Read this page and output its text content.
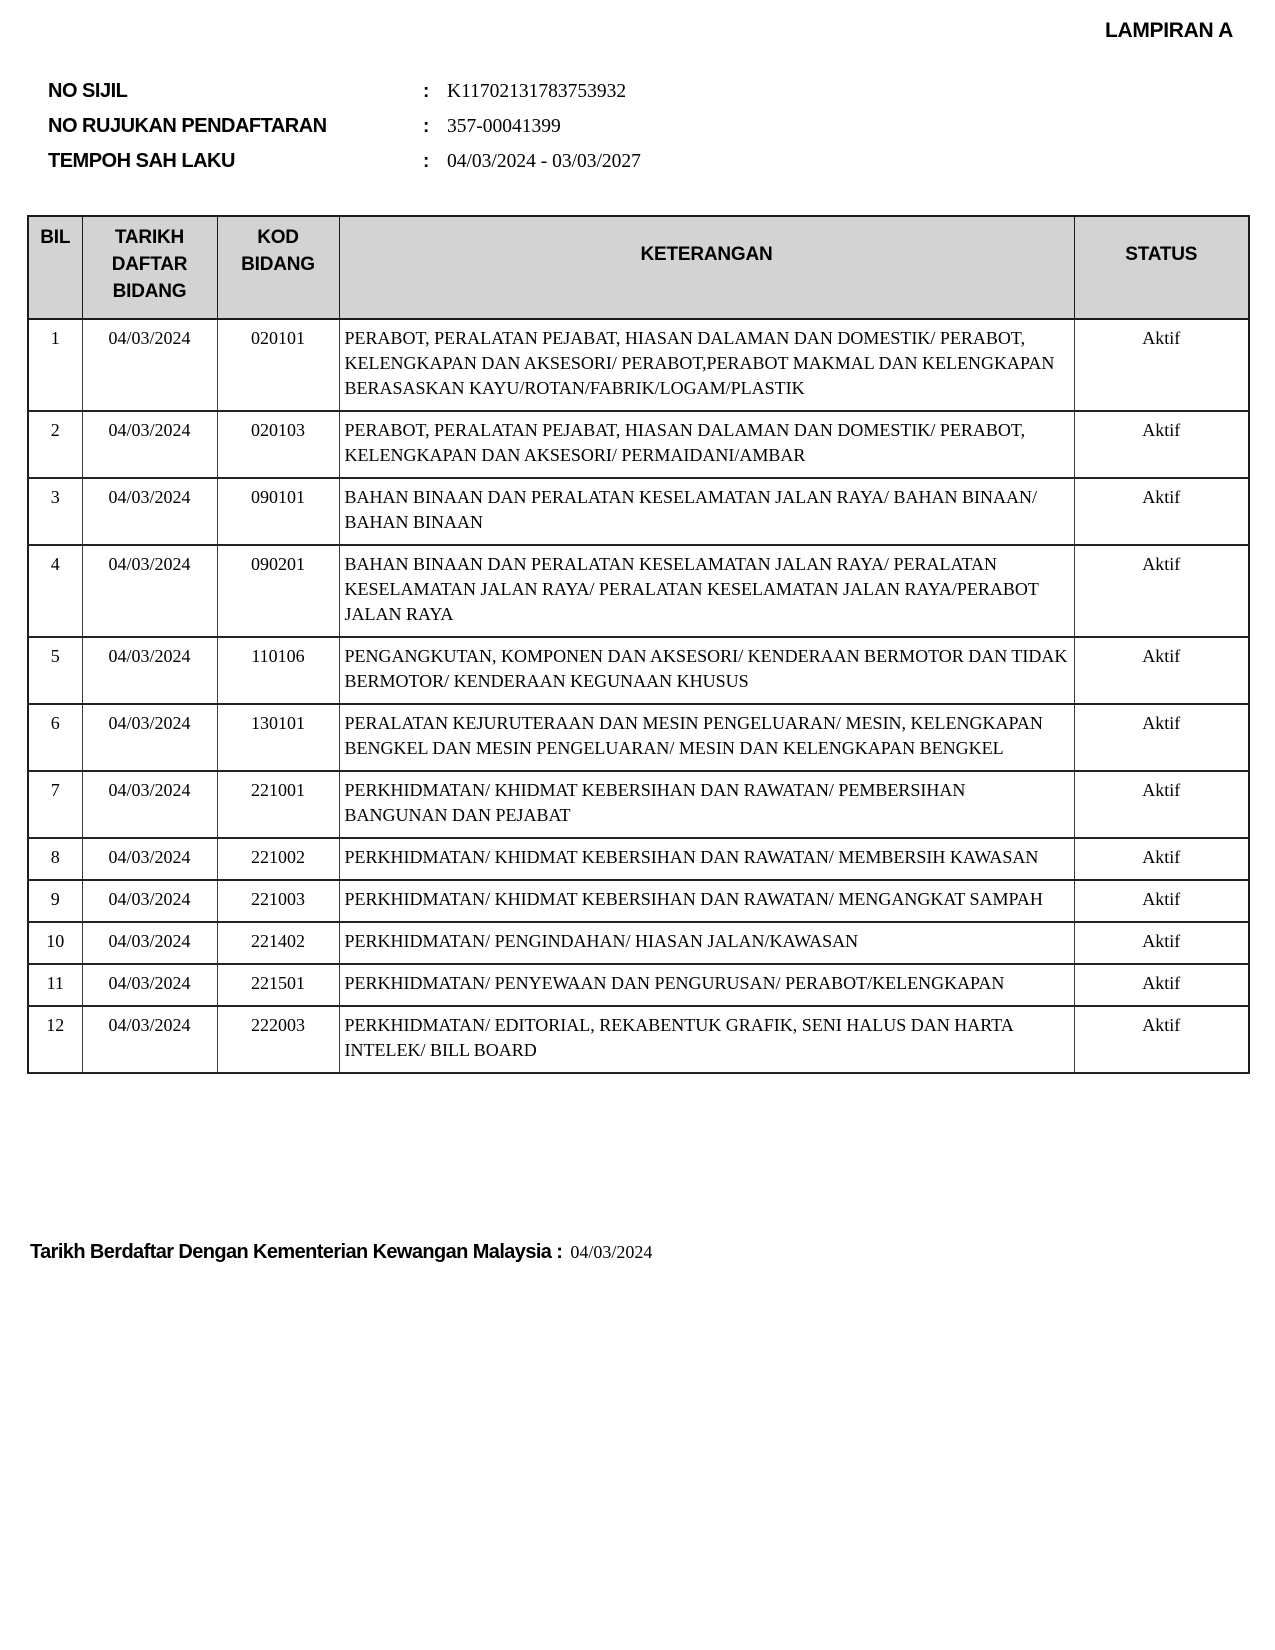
LAMPIRAN A
NO SIJIL	: K11702131783753932
NO RUJUKAN PENDAFTARAN	: 357-00041399
TEMPOH SAH LAKU	: 04/03/2024 - 03/03/2027
BIL	TARIKH DAFTAR BIDANG	KOD BIDANG	KETERANGAN	STATUS
1	04/03/2024	020101	PERABOT, PERALATAN PEJABAT, HIASAN DALAMAN DAN DOMESTIK/ PERABOT, KELENGKAPAN DAN AKSESORI/ PERABOT,PERABOT MAKMAL DAN KELENGKAPAN BERASASKAN KAYU/ROTAN/FABRIK/LOGAM/PLASTIK	Aktif
2	04/03/2024	020103	PERABOT, PERALATAN PEJABAT, HIASAN DALAMAN DAN DOMESTIK/ PERABOT, KELENGKAPAN DAN AKSESORI/ PERMAIDANI/AMBAR	Aktif
3	04/03/2024	090101	BAHAN BINAAN DAN PERALATAN KESELAMATAN JALAN RAYA/ BAHAN BINAAN/ BAHAN BINAAN	Aktif
4	04/03/2024	090201	BAHAN BINAAN DAN PERALATAN KESELAMATAN JALAN RAYA/ PERALATAN KESELAMATAN JALAN RAYA/ PERALATAN KESELAMATAN JALAN RAYA/PERABOT JALAN RAYA	Aktif
5	04/03/2024	110106	PENGANGKUTAN, KOMPONEN DAN AKSESORI/ KENDERAAN BERMOTOR DAN TIDAK BERMOTOR/ KENDERAAN KEGUNAAN KHUSUS	Aktif
6	04/03/2024	130101	PERALATAN KEJURUTERAAN DAN MESIN PENGELUARAN/ MESIN, KELENGKAPAN BENGKEL DAN MESIN PENGELUARAN/ MESIN DAN KELENGKAPAN BENGKEL	Aktif
7	04/03/2024	221001	PERKHIDMATAN/ KHIDMAT KEBERSIHAN DAN RAWATAN/ PEMBERSIHAN BANGUNAN DAN PEJABAT	Aktif
8	04/03/2024	221002	PERKHIDMATAN/ KHIDMAT KEBERSIHAN DAN RAWATAN/ MEMBERSIH KAWASAN	Aktif
9	04/03/2024	221003	PERKHIDMATAN/ KHIDMAT KEBERSIHAN DAN RAWATAN/ MENGANGKAT SAMPAH	Aktif
10	04/03/2024	221402	PERKHIDMATAN/ PENGINDAHAN/ HIASAN JALAN/KAWASAN	Aktif
11	04/03/2024	221501	PERKHIDMATAN/ PENYEWAAN DAN PENGURUSAN/ PERABOT/KELENGKAPAN	Aktif
12	04/03/2024	222003	PERKHIDMATAN/ EDITORIAL, REKABENTUK GRAFIK, SENI HALUS DAN HARTA INTELEK/ BILL BOARD	Aktif
Tarikh Berdaftar Dengan Kementerian Kewangan Malaysia : 04/03/2024
